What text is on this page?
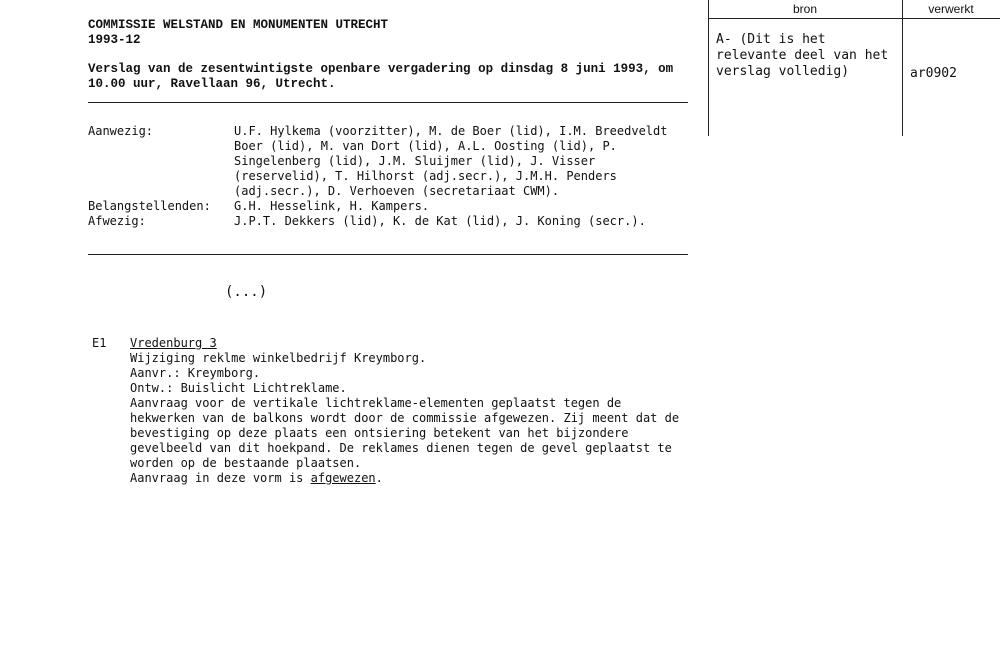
COMMISSIE WELSTAND EN MONUMENTEN UTRECHT
1993-12
Verslag van de zesentwintigste openbare vergadering op dinsdag 8 juni 1993, om 10.00 uur, Ravellaan 96, Utrecht.
Aanwezig:	U.F. Hylkema (voorzitter), M. de Boer (lid), I.M. Breedveldt Boer (lid), M. van Dort (lid), A.L. Oosting (lid), P. Singelenberg (lid), J.M. Sluijmer (lid), J. Visser (reservelid), T. Hilhorst (adj.secr.), J.M.H. Penders (adj.secr.), D. Verhoeven (secretariaat CWM).
Belangstellenden:	G.H. Hesselink, H. Kampers.
Afwezig:	J.P.T. Dekkers (lid), K. de Kat (lid), J. Koning (secr.).
(...)
E1 Vredenburg 3
Wijziging reklme winkelbedrijf Kreymborg.
Aanvr.: Kreymborg.
Ontw.: Buislicht Lichtreklame.
Aanvraag voor de vertikale lichtreklame-elementen geplaatst tegen de hekwerken van de balkons wordt door de commissie afgewezen. Zij meent dat de bevestiging op deze plaats een ontsiering betekent van het bijzondere gevelbeeld van dit hoekpand. De reklames dienen tegen de gevel geplaatst te worden op de bestaande plaatsen.
Aanvraag in deze vorm is afgewezen.
bron	verwerkt
A- (Dit is het relevante deel van het verslag volledig)	ar0902
